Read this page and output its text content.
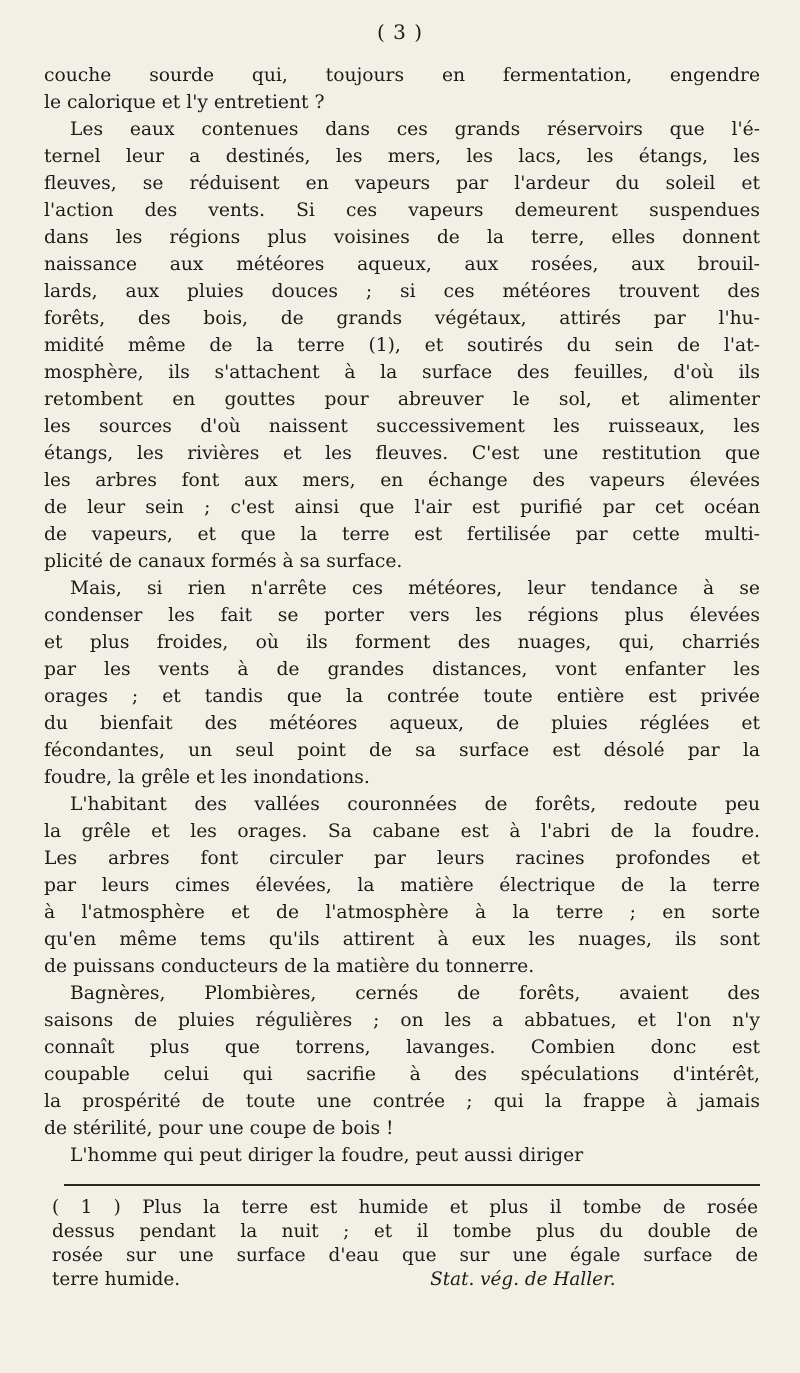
( 3 )
couche sourde qui, toujours en fermentation, engendre
le calorique et l'y entretient ?
Les eaux contenues dans ces grands réservoirs que l'é-
ternel leur a destinés, les mers, les lacs, les étangs, les
fleuves, se réduisent en vapeurs par l'ardeur du soleil et
l'action des vents. Si ces vapeurs demeurent suspendues
dans les régions plus voisines de la terre, elles donnent
naissance aux météores aqueux, aux rosées, aux brouil-
lards, aux pluies douces ; si ces météores trouvent des
forêts, des bois, de grands végétaux, attirés par l'hu-
midité même de la terre (1), et soutirés du sein de l'at-
mosphère, ils s'attachent à la surface des feuilles, d'où ils
retombent en gouttes pour abreuver le sol, et alimenter
les sources d'où naissent successivement les ruisseaux, les
étangs, les rivières et les fleuves. C'est une restitution que
les arbres font aux mers, en échange des vapeurs élevées
de leur sein ; c'est ainsi que l'air est purifié par cet océan
de vapeurs, et que la terre est fertilisée par cette multi-
plicité de canaux formés à sa surface.
Mais, si rien n'arrête ces météores, leur tendance à se
condenser les fait se porter vers les régions plus élevées
et plus froides, où ils forment des nuages, qui, charriés
par les vents à de grandes distances, vont enfanter les
orages ; et tandis que la contrée toute entière est privée
du bienfait des météores aqueux, de pluies réglées et
fécondantes, un seul point de sa surface est désolé par la
foudre, la grêle et les inondations.
L'habitant des vallées couronnées de forêts, redoute peu
la grêle et les orages. Sa cabane est à l'abri de la foudre.
Les arbres font circuler par leurs racines profondes et
par leurs cimes élevées, la matière électrique de la terre
à l'atmosphère et de l'atmosphère à la terre ; en sorte
qu'en même tems qu'ils attirent à eux les nuages, ils sont
de puissans conducteurs de la matière du tonnerre.
Bagnères, Plombières, cernés de forêts, avaient des
saisons de pluies régulières ; on les a abbatues, et l'on n'y
connaît plus que torrens, lavanges. Combien donc est
coupable celui qui sacrifie à des spéculations d'intérêt,
la prospérité de toute une contrée ; qui la frappe à jamais
de stérilité, pour une coupe de bois !
L'homme qui peut diriger la foudre, peut aussi diriger
( 1 ) Plus la terre est humide et plus il tombe de rosée
dessus pendant la nuit ; et il tombe plus du double de
rosée sur une surface d'eau que sur une égale surface de
terre humide.	Stat. vég. de Haller.
